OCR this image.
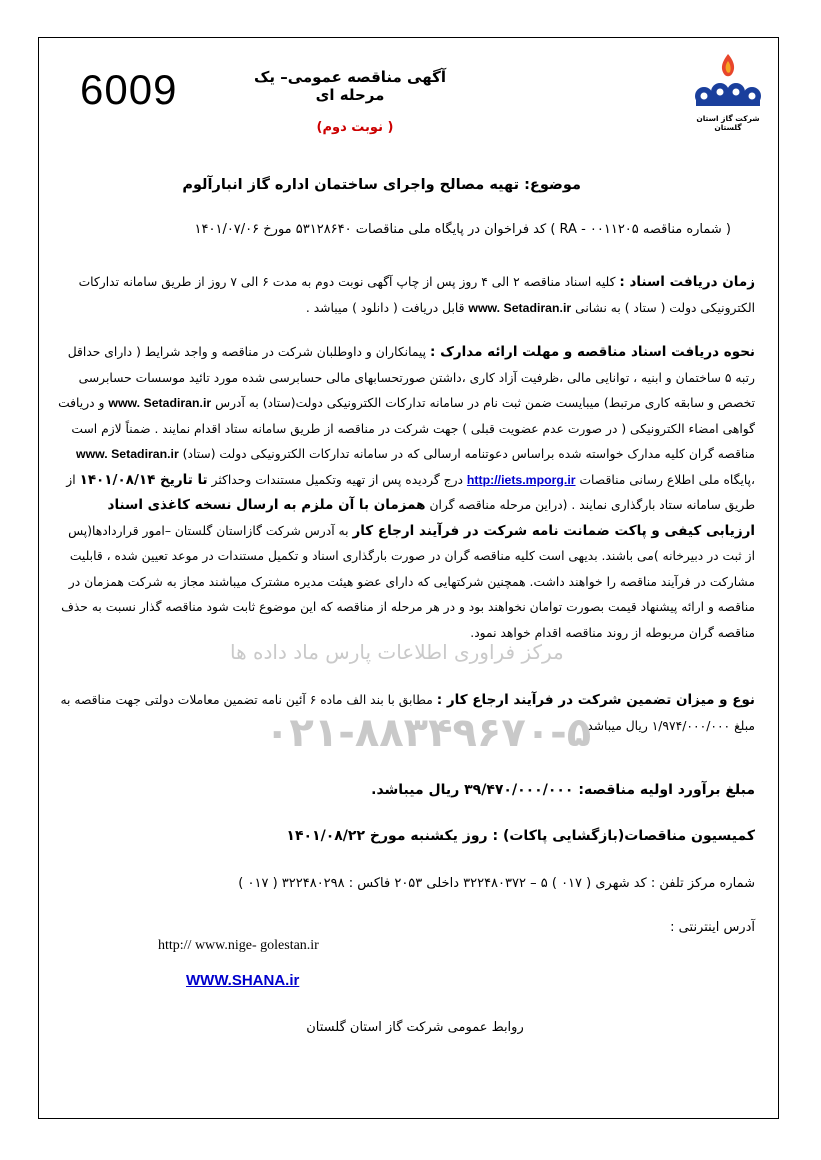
6009
شرکت گاز استان گلستان
آگهی مناقصه عمومی– یک مرحله ای
( نوبت دوم)
موضوع: تهیه مصالح واجرای ساختمان اداره گاز انبارآلوم
( شماره مناقصه RA - ۰۰۱۱۲۰۵ ) کد فراخوان در پایگاه ملی مناقصات ۵۳۱۲۸۶۴۰ مورخ ۱۴۰۱/۰۷/۰۶
زمان دریافت اسناد : کلیه اسناد مناقصه ۲ الی ۴ روز پس از چاپ آگهی نوبت دوم به مدت ۶ الی ۷ روز از طریق سامانه تدارکات الکترونیکی دولت ( ستاد ) به نشانی www. Setadiran.ir قابل دریافت ( دانلود ) میباشد .
نحوه دریافت اسناد مناقصه و مهلت ارائه مدارک : پیمانکاران و داوطلبان شرکت در مناقصه و واجد شرایط ( دارای حداقل رتبه ۵ ساختمان و ابنیه ، توانایی مالی ،ظرفیت آزاد کاری ،داشتن صورتحسابهای مالی حسابرسی شده مورد تائید موسسات حسابرسی تخصص و سابقه کاری مرتبط) میبایست ضمن ثبت نام در سامانه تدارکات الکترونیکی دولت(ستاد) به آدرس www. Setadiran.ir و دریافت گواهی امضاء الکترونیکی ( در صورت عدم عضویت قبلی ) جهت شرکت در مناقصه از طریق سامانه ستاد اقدام نمایند . ضمناً لازم است مناقصه گران کلیه مدارک خواسته شده براساس دعوتنامه ارسالی که در سامانه تدارکات الکترونیکی دولت (ستاد) www. Setadiran.ir ،پایگاه ملی اطلاع رسانی مناقصات http://iets.mporg.ir درج گردیده پس از تهیه وتکمیل مستندات وحداکثر تا تاریخ ۱۴۰۱/۰۸/۱۴ از طریق سامانه ستاد بارگذاری نمایند . (دراین مرحله مناقصه گران همزمان با آن ملزم به ارسال نسخه کاغذی اسناد ارزیابی کیفی و پاکت ضمانت نامه شرکت در فرآیند ارجاع کار به آدرس شرکت گازاستان گلستان –امور قراردادها(پس از ثبت در دبیرخانه )می باشند. بدیهی است کلیه مناقصه گران در صورت بارگذاری اسناد و تکمیل مستندات در موعد تعیین شده ، قابلیت مشارکت در فرآیند مناقصه را خواهند داشت. همچنین شرکتهایی که دارای عضو هیئت مدیره مشترک میباشند مجاز به شرکت همزمان در مناقصه و ارائه پیشنهاد قیمت بصورت توامان نخواهند بود و در هر مرحله از مناقصه که این موضوع ثابت شود مناقصه گذار نسبت به حذف مناقصه گران مربوطه از روند مناقصه اقدام خواهد نمود.
نوع و میزان تضمین شرکت در فرآیند ارجاع کار : مطابق با بند الف ماده ۶ آئین نامه تضمین معاملات دولتی جهت مناقصه به مبلغ ۱/۹۷۴/۰۰۰/۰۰۰ ریال میباشد.
مبلغ برآورد اولیه مناقصه: ۳۹/۴۷۰/۰۰۰/۰۰۰ ریال میباشد.
کمیسیون مناقصات(بازگشایی پاکات) : روز یکشنبه مورخ ۱۴۰۱/۰۸/۲۲
شماره مرکز تلفن : کد شهری ( ۰۱۷ ) ۵ – ۳۲۲۴۸۰۳۷۲ داخلی ۲۰۵۳ فاکس : ۳۲۲۴۸۰۲۹۸ ( ۰۱۷ )
آدرس اینترنتی :
http:// www.nige- golestan.ir
WWW.SHANA.ir
روابط عمومی شرکت گاز استان گلستان
مرکز فراوری اطلاعات پارس ماد داده ها
۰۲۱-۸۸۳۴۹۶۷۰-۵
